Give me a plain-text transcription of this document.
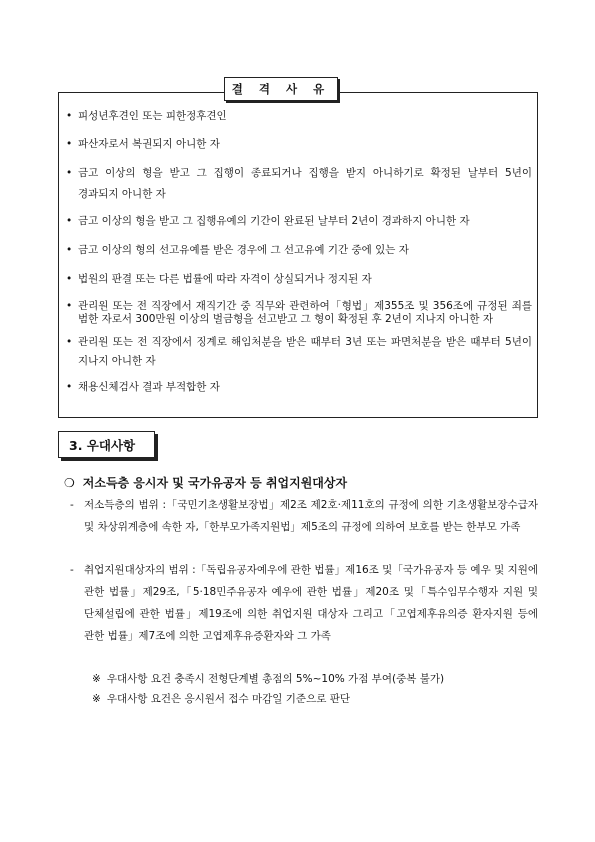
결 격 사 유
• 피성년후견인 또는 피한정후견인
• 파산자로서 복권되지 아니한 자
• 금고 이상의 형을 받고 그 집행이 종료되거나 집행을 받지 아니하기로 확정된 날부터 5년이 경과되지 아니한 자
• 금고 이상의 형을 받고 그 집행유예의 기간이 완료된 날부터 2년이 경과하지 아니한 자
• 금고 이상의 형의 선고유예를 받은 경우에 그 선고유예 기간 중에 있는 자
• 법원의 판결 또는 다른 법률에 따라 자격이 상실되거나 정지된 자
• 관리원 또는 전 직장에서 재직기간 중 직무와 관련하여「형법」제355조 및 356조에 규정된 죄를 범한 자로서 300만원 이상의 벌금형을 선고받고 그 형이 확정된 후 2년이 지나지 아니한 자
• 관리원 또는 전 직장에서 징계로 해임처분을 받은 때부터 3년 또는 파면처분을 받은 때부터 5년이 지나지 아니한 자
• 채용신체검사 결과 부적합한 자
3. 우대사항
❍ 저소득층 응시자 및 국가유공자 등 취업지원대상자
- 저소득층의 범위 :「국민기초생활보장법」제2조 제2호·제11호의 규정에 의한 기초생활보장수급자 및 차상위계층에 속한 자,「한부모가족지원법」제5조의 규정에 의하여 보호를 받는 한부모 가족
- 취업지원대상자의 범위 :「독립유공자예우에 관한 법률」제16조 및「국가유공자 등 예우 및 지원에 관한 법률」제29조,「5·18민주유공자 예우에 관한 법률」제20조 및「특수임무수행자 지원 및 단체설립에 관한 법률」제19조에 의한 취업지원 대상자 그리고「고엽제후유의증 환자지원 등에 관한 법률」제7조에 의한 고엽제후유증환자와 그 가족
※ 우대사항 요건 충족시 전형단계별 총점의 5%~10% 가점 부여(중복 불가)
※ 우대사항 요건은 응시원서 접수 마감일 기준으로 판단
